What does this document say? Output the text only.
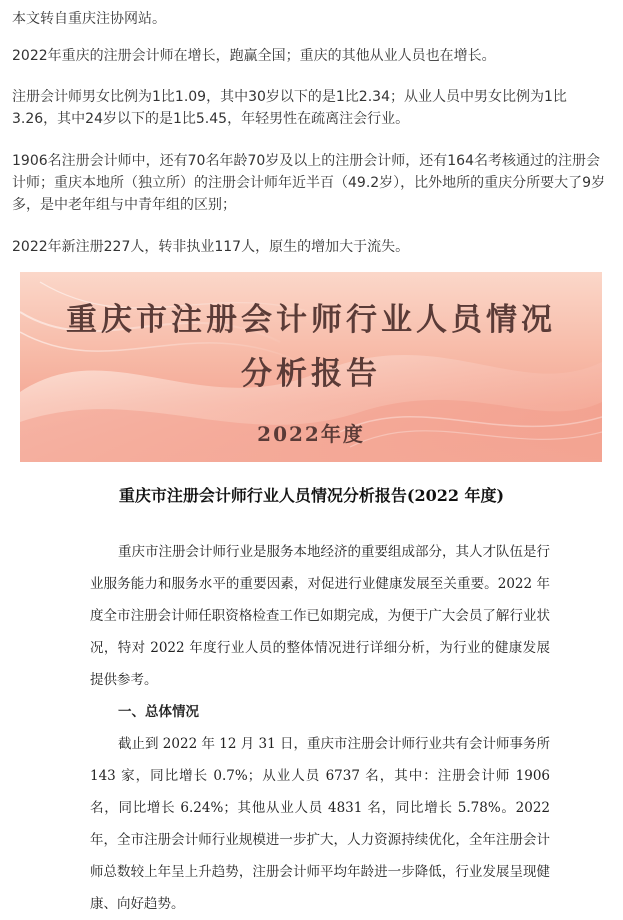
本文转自重庆注协网站。

2022年重庆的注册会计师在增长，跑赢全国；重庆的其他从业人员也在增长。

注册会计师男女比例为1比1.09，其中30岁以下的是1比2.34；从业人员中男女比例为1比3.26，其中24岁以下的是1比5.45，年轻男性在疏离注会行业。

1906名注册会计师中，还有70名年龄70岁及以上的注册会计师，还有164名考核通过的注册会计师；重庆本地所（独立所）的注册会计师年近半百（49.2岁），比外地所的重庆分所要大了9岁多，是中老年组与中青年组的区别；

2022年新注册227人，转非执业117人，原生的增加大于流失。

重庆市注册会计师行业人员情况
分析报告
2022年度
重庆市注册会计师行业人员情况分析报告(2022 年度)

重庆市注册会计师行业是服务本地经济的重要组成部分，其人才队伍是行业服务能力和服务水平的重要因素，对促进行业健康发展至关重要。2022 年度全市注册会计师任职资格检查工作已如期完成，为便于广大会员了解行业状况，特对 2022 年度行业人员的整体情况进行详细分析，为行业的健康发展提供参考。

一、总体情况

截止到 2022 年 12 月 31 日，重庆市注册会计师行业共有会计师事务所 143 家，同比增长 0.7%；从业人员 6737 名，其中：注册会计师 1906 名，同比增长 6.24%；其他从业人员 4831 名，同比增长 5.78%。2022 年，全市注册会计师行业规模进一步扩大，人力资源持续优化，全年注册会计师总数较上年呈上升趋势，注册会计师平均年龄进一步降低，行业发展呈现健康、向好趋势。
